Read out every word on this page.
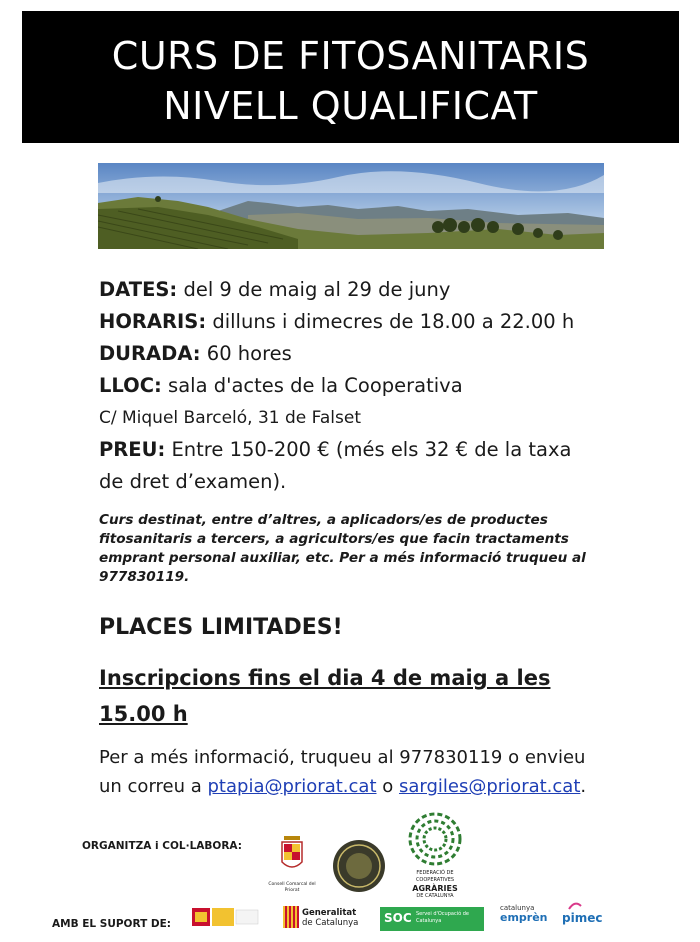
CURS DE FITOSANITARIS
NIVELL QUALIFICAT
DATES: del 9 de maig al 29 de juny
HORARIS: dilluns i dimecres de 18.00 a 22.00 h
DURADA: 60 hores
LLOC: sala d'actes de la Cooperativa
C/ Miquel Barceló, 31 de Falset
PREU: Entre 150-200 € (més els 32 € de la taxa
de dret d’examen).
Curs destinat, entre d’altres, a aplicadors/es de productes
fitosanitaris a tercers, a agricultors/es que facin tractaments
emprant personal auxiliar, etc. Per a més informació truqueu al
977830119.
PLACES LIMITADES!
Inscripcions fins el dia 4 de maig a les
15.00 h
Per a més informació, truqueu al 977830119 o envieu
un correu a ptapia@priorat.cat o sargiles@priorat.cat.
ORGANITZA i COL·LABORA:
AMB EL SUPORT DE:
Consell Comarcal del Priorat
FEDERACIÓ DE
COOPERATIVES
AGRÀRIES
DE CATALUNYA
Generalitat
de Catalunya SOC Servei d'Ocupació de Catalunya
catalunya
emprèn	pimec
